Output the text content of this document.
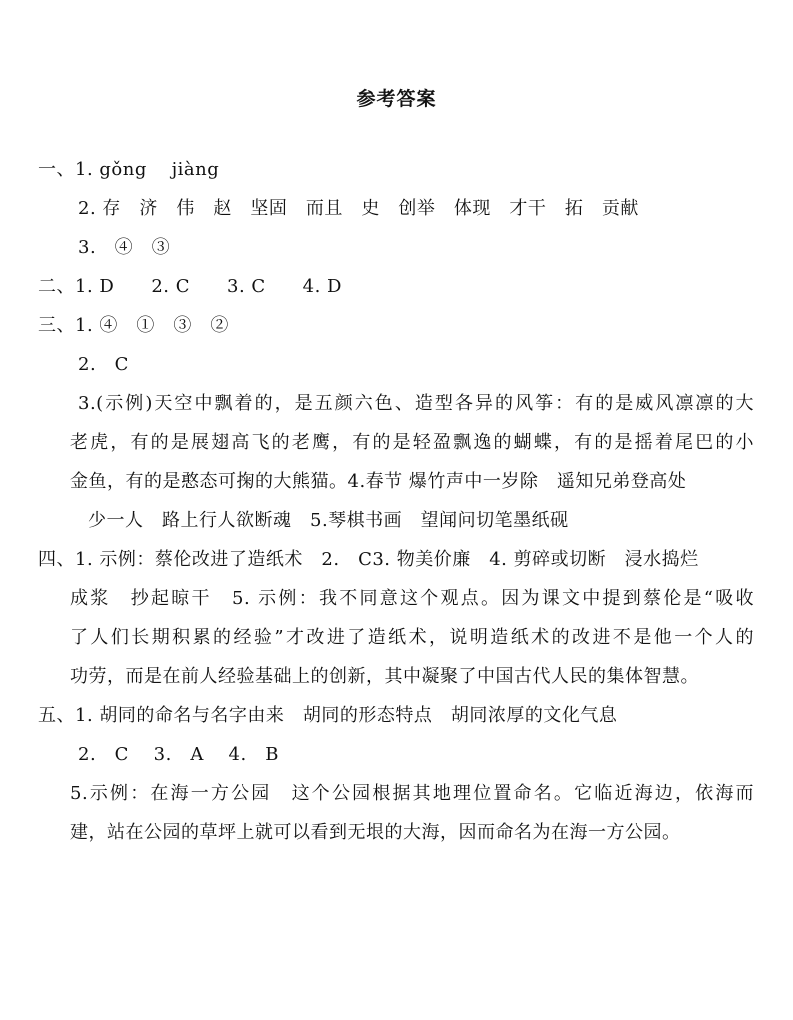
参考答案
一、1. gǒng　 jiàng
2. 存　济　伟　赵　坚固　而且　史　创举　体现　才干　拓　贡献
3.　④　③
二、1. D　　2. C　　3. C　　4. D
三、1. ④　①　③　②
2.　C
3.(示例)天空中飘着的，是五颜六色、造型各异的风筝：有的是威风凛凛的大
老虎，有的是展翅高飞的老鹰，有的是轻盈飘逸的蝴蝶，有的是摇着尾巴的小
金鱼，有的是憨态可掬的大熊猫。4.春节 爆竹声中一岁除　遥知兄弟登高处
少一人　路上行人欲断魂　5.琴棋书画　望闻问切笔墨纸砚
四、1. 示例：蔡伦改进了造纸术　2.　C3. 物美价廉　4. 剪碎或切断　浸水捣烂
成浆　抄起晾干　5. 示例：我不同意这个观点。因为课文中提到蔡伦是“吸收
了人们长期积累的经验”才改进了造纸术，说明造纸术的改进不是他一个人的
功劳，而是在前人经验基础上的创新，其中凝聚了中国古代人民的集体智慧。
五、1. 胡同的命名与名字由来　胡同的形态特点　胡同浓厚的文化气息
2.　C　 3.　A　 4.　B
5.示例：在海一方公园　这个公园根据其地理位置命名。它临近海边，依海而
建，站在公园的草坪上就可以看到无垠的大海，因而命名为在海一方公园。
